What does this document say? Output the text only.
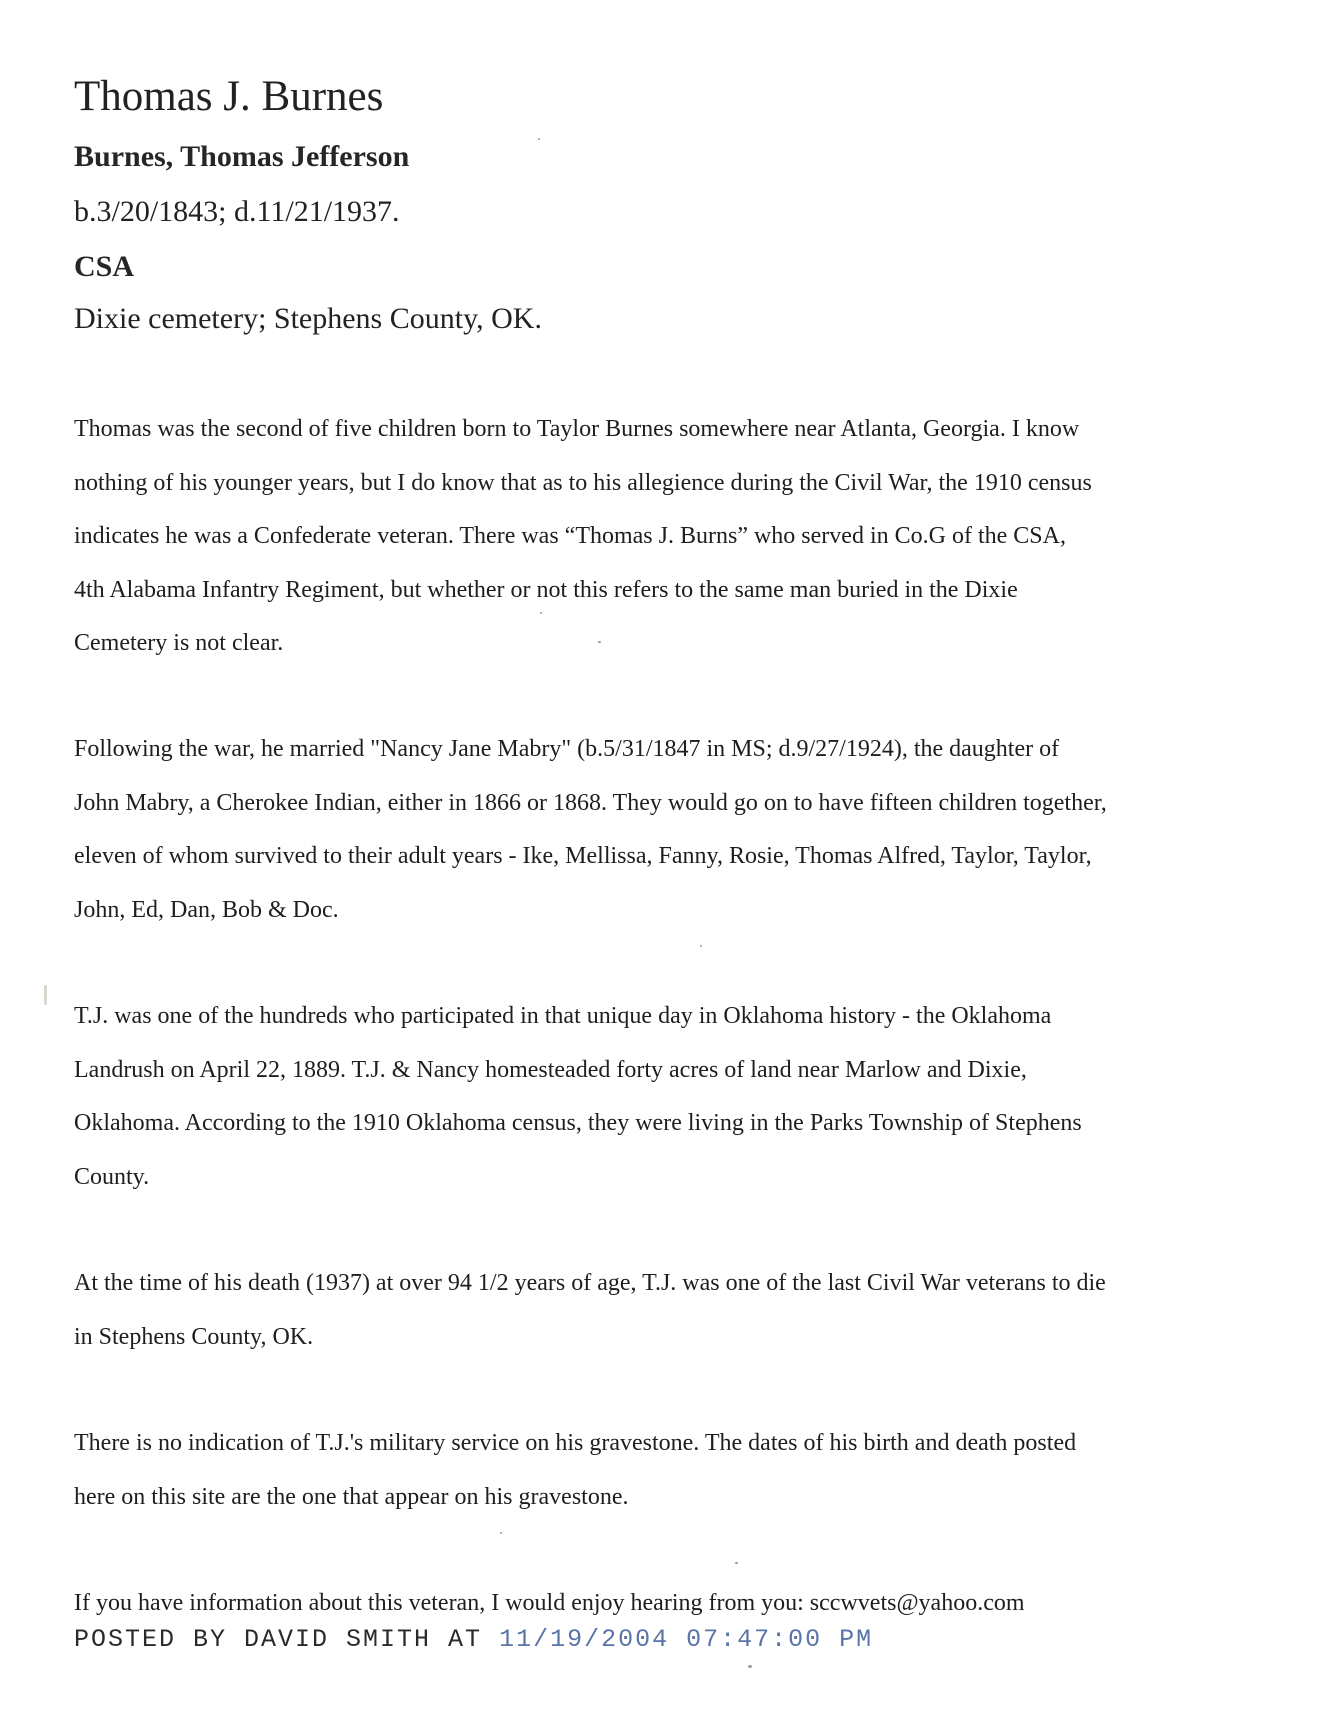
Thomas J. Burnes
Burnes, Thomas Jefferson
b.3/20/1843; d.11/21/1937.
CSA
Dixie cemetery; Stephens County, OK.
Thomas was the second of five children born to Taylor Burnes somewhere near Atlanta, Georgia. I know
nothing of his younger years, but I do know that as to his allegience during the Civil War, the 1910 census
indicates he was a Confederate veteran. There was “Thomas J. Burns” who served in Co.G of the CSA,
4th Alabama Infantry Regiment, but whether or not this refers to the same man buried in the Dixie
Cemetery is not clear.
Following the war, he married "Nancy Jane Mabry" (b.5/31/1847 in MS; d.9/27/1924), the daughter of
John Mabry, a Cherokee Indian, either in 1866 or 1868. They would go on to have fifteen children together,
eleven of whom survived to their adult years - Ike, Mellissa, Fanny, Rosie, Thomas Alfred, Taylor, Taylor,
John, Ed, Dan, Bob & Doc.
T.J. was one of the hundreds who participated in that unique day in Oklahoma history - the Oklahoma
Landrush on April 22, 1889. T.J. & Nancy homesteaded forty acres of land near Marlow and Dixie,
Oklahoma. According to the 1910 Oklahoma census, they were living in the Parks Township of Stephens
County.
At the time of his death (1937) at over 94 1/2 years of age, T.J. was one of the last Civil War veterans to die
in Stephens County, OK.
There is no indication of T.J.'s military service on his gravestone. The dates of his birth and death posted
here on this site are the one that appear on his gravestone.
If you have information about this veteran, I would enjoy hearing from you: sccwvets@yahoo.com
POSTED BY DAVID SMITH AT 11/19/2004 07:47:00 PM
